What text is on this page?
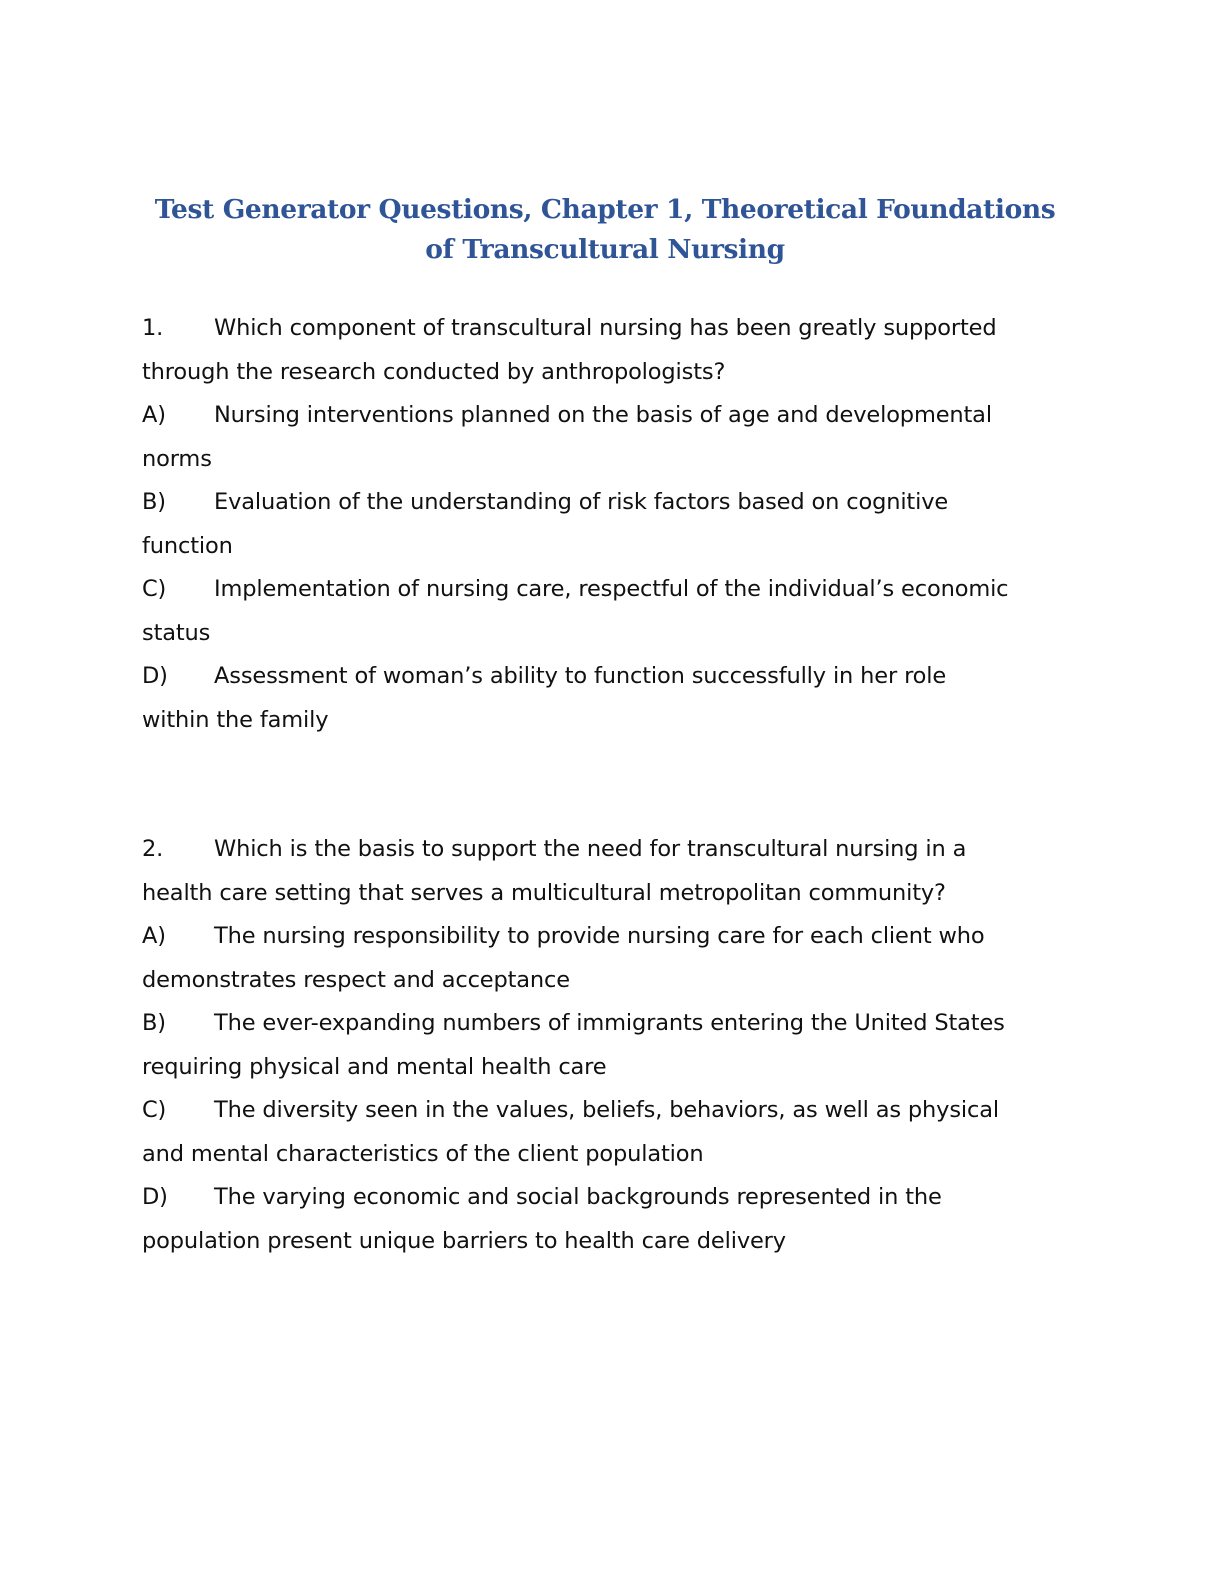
Test Generator Questions, Chapter 1, Theoretical Foundations
of Transcultural Nursing
1. Which component of transcultural nursing has been greatly supported
through the research conducted by anthropologists?
A) Nursing interventions planned on the basis of age and developmental
norms
B) Evaluation of the understanding of risk factors based on cognitive
function
C) Implementation of nursing care, respectful of the individual’s economic
status
D) Assessment of woman’s ability to function successfully in her role
within the family
2. Which is the basis to support the need for transcultural nursing in a
health care setting that serves a multicultural metropolitan community?
A) The nursing responsibility to provide nursing care for each client who
demonstrates respect and acceptance
B) The ever-expanding numbers of immigrants entering the United States
requiring physical and mental health care
C) The diversity seen in the values, beliefs, behaviors, as well as physical
and mental characteristics of the client population
D) The varying economic and social backgrounds represented in the
population present unique barriers to health care delivery
